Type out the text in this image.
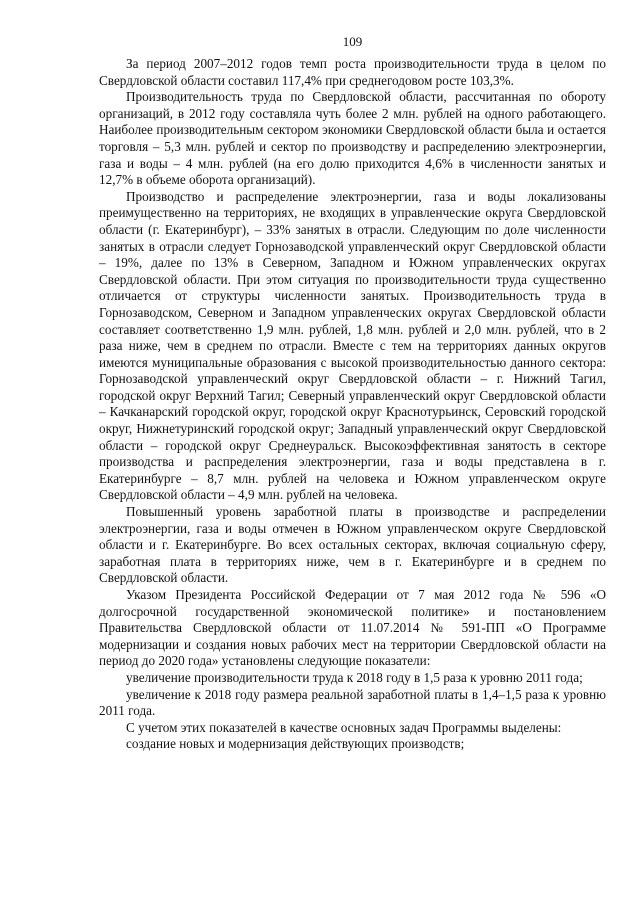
109

За период 2007–2012 годов темп роста производительности труда в целом по Свердловской области составил 117,4% при среднегодовом росте 103,3%.

Производительность труда по Свердловской области, рассчитанная по обороту организаций, в 2012 году составляла чуть более 2 млн. рублей на одного работающего. Наиболее производительным сектором экономики Свердловской области была и остается торговля – 5,3 млн. рублей и сектор по производству и распределению электроэнергии, газа и воды – 4 млн. рублей (на его долю приходится 4,6% в численности занятых и 12,7% в объеме оборота организаций).

Производство и распределение электроэнергии, газа и воды локализованы преимущественно на территориях, не входящих в управленческие округа Свердловской области (г. Екатеринбург), – 33% занятых в отрасли. Следующим по доле численности занятых в отрасли следует Горнозаводской управленческий округ Свердловской области – 19%, далее по 13% в Северном, Западном и Южном управленческих округах Свердловской области. При этом ситуация по производительности труда существенно отличается от структуры численности занятых. Производительность труда в Горнозаводском, Северном и Западном управленческих округах Свердловской области составляет соответственно 1,9 млн. рублей, 1,8 млн. рублей и 2,0 млн. рублей, что в 2 раза ниже, чем в среднем по отрасли. Вместе с тем на территориях данных округов имеются муниципальные образования с высокой производительностью данного сектора: Горнозаводской управленческий округ Свердловской области – г. Нижний Тагил, городской округ Верхний Тагил; Северный управленческий округ Свердловской области – Качканарский городской округ, городской округ Краснотурьинск, Серовский городской округ, Нижнетуринский городской округ; Западный управленческий округ Свердловской области – городской округ Среднеуральск. Высокоэффективная занятость в секторе производства и распределения электроэнергии, газа и воды представлена в г. Екатеринбурге – 8,7 млн. рублей на человека и Южном управленческом округе Свердловской области – 4,9 млн. рублей на человека.

Повышенный уровень заработной платы в производстве и распределении электроэнергии, газа и воды отмечен в Южном управленческом округе Свердловской области и г. Екатеринбурге. Во всех остальных секторах, включая социальную сферу, заработная плата в территориях ниже, чем в г. Екатеринбурге и в среднем по Свердловской области.

Указом Президента Российской Федерации от 7 мая 2012 года № 596 «О долгосрочной государственной экономической политике» и постановлением Правительства Свердловской области от 11.07.2014 № 591-ПП «О Программе модернизации и создания новых рабочих мест на территории Свердловской области на период до 2020 года» установлены следующие показатели:

увеличение производительности труда к 2018 году в 1,5 раза к уровню 2011 года;

увеличение к 2018 году размера реальной заработной платы в 1,4–1,5 раза к уровню 2011 года.

С учетом этих показателей в качестве основных задач Программы выделены:

создание новых и модернизация действующих производств;
